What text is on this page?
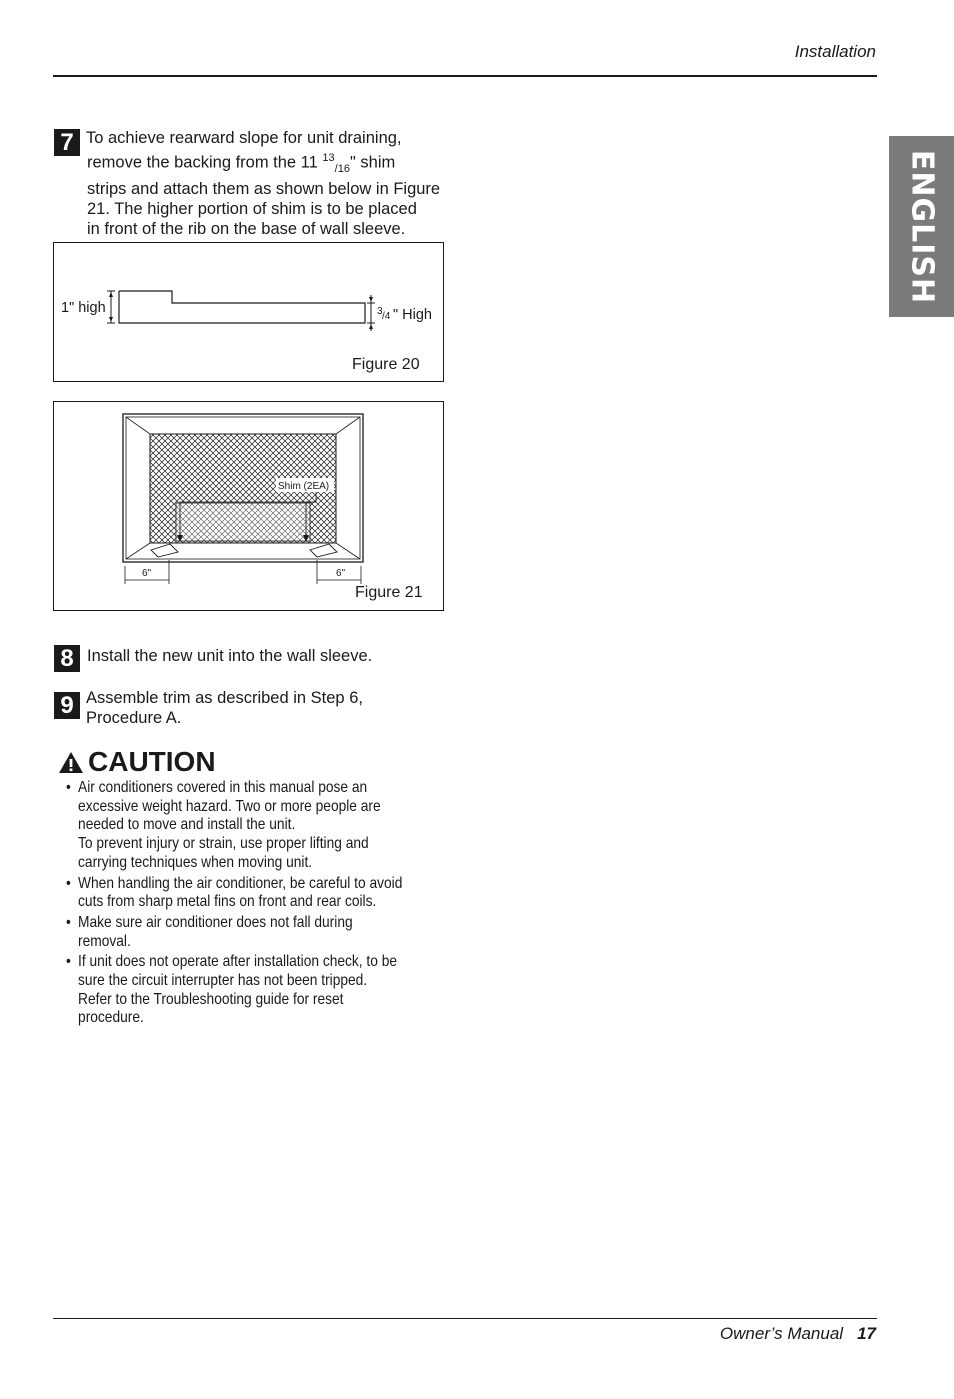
Installation
ENGLISH
7 To achieve rearward slope for unit draining,
remove the backing from the 11 $^{13}_{/16}$" shim
strips and attach them as shown below in Figure
21. The higher portion of shim is to be placed
in front of the rib on the base of wall sleeve.
1" high	3 /4 " High
Figure 20
Shim (2EA)
6"	6"
Figure 21
8 Install the new unit into the wall sleeve.
9 Assemble trim as described in Step 6,
Procedure A.
CAUTION
• Air conditioners covered in this manual pose an
excessive weight hazard. Two or more people are
needed to move and install the unit.
To prevent injury or strain, use proper lifting and
carrying techniques when moving unit.
• When handling the air conditioner, be careful to avoid
cuts from sharp metal fins on front and rear coils.
• Make sure air conditioner does not fall during
removal.
• If unit does not operate after installation check, to be
sure the circuit interrupter has not been tripped.
Refer to the Troubleshooting guide for reset
procedure.
Owner’s Manual 17
